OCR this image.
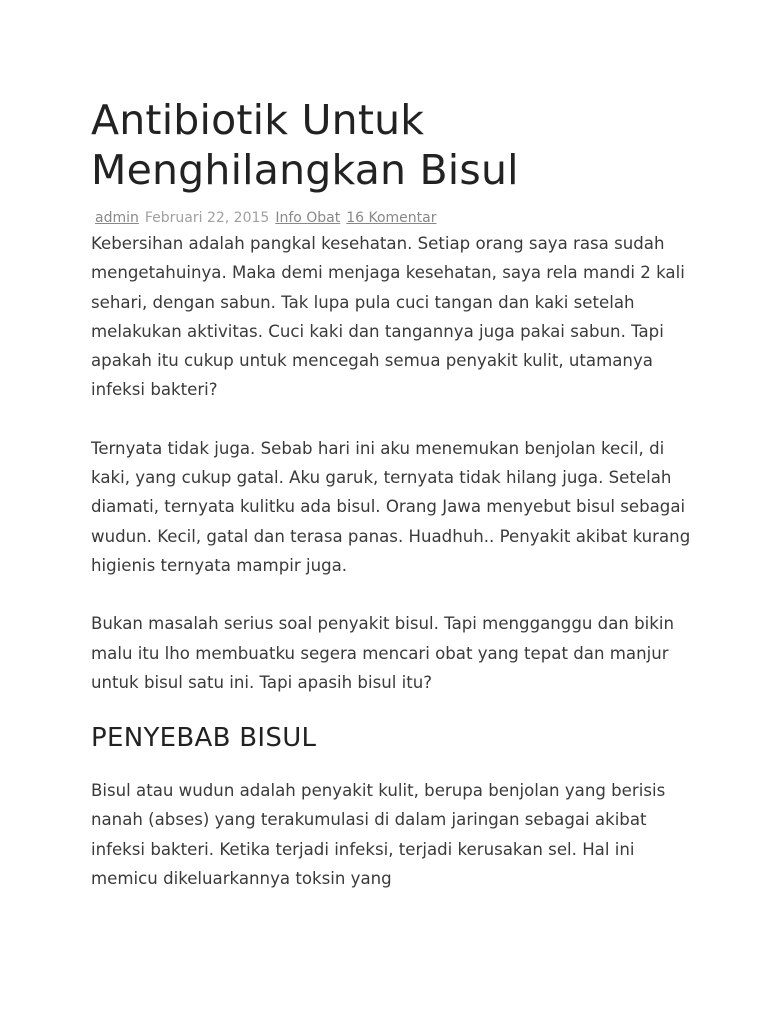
Antibiotik Untuk Menghilangkan Bisul
admin Februari 22, 2015 Info Obat 16 Komentar

Kebersihan adalah pangkal kesehatan. Setiap orang saya rasa sudah mengetahuinya. Maka demi menjaga kesehatan, saya rela mandi 2 kali sehari, dengan sabun. Tak lupa pula cuci tangan dan kaki setelah melakukan aktivitas. Cuci kaki dan tangannya juga pakai sabun. Tapi apakah itu cukup untuk mencegah semua penyakit kulit, utamanya infeksi bakteri?

Ternyata tidak juga. Sebab hari ini aku menemukan benjolan kecil, di kaki, yang cukup gatal. Aku garuk, ternyata tidak hilang juga. Setelah diamati, ternyata kulitku ada bisul. Orang Jawa menyebut bisul sebagai wudun. Kecil, gatal dan terasa panas. Huadhuh.. Penyakit akibat kurang higienis ternyata mampir juga.

Bukan masalah serius soal penyakit bisul. Tapi mengganggu dan bikin malu itu lho membuatku segera mencari obat yang tepat dan manjur untuk bisul satu ini. Tapi apasih bisul itu?

PENYEBAB BISUL

Bisul atau wudun adalah penyakit kulit, berupa benjolan yang berisis nanah (abses) yang terakumulasi di dalam jaringan sebagai akibat infeksi bakteri. Ketika terjadi infeksi, terjadi kerusakan sel. Hal ini memicu dikeluarkannya toksin yang
